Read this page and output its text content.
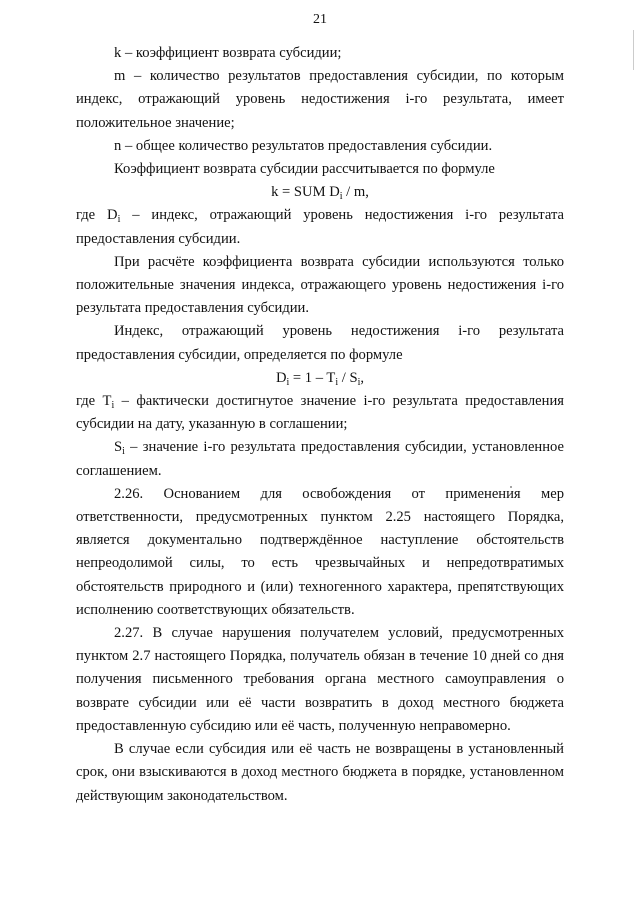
21

k – коэффициент возврата субсидии;

m – количество результатов предоставления субсидии, по которым индекс, отражающий уровень недостижения i-го результата, имеет положительное значение;

n – общее количество результатов предоставления субсидии.

Коэффициент возврата субсидии рассчитывается по формуле

k = SUM $D_i$ / m,

где $D_i$ – индекс, отражающий уровень недостижения i-го результата предоставления субсидии.

При расчёте коэффициента возврата субсидии используются только положительные значения индекса, отражающего уровень недостижения i-го результата предоставления субсидии.

Индекс, отражающий уровень недостижения i-го результата предоставления субсидии, определяется по формуле

$D_i = 1 - T_i / S_i$,

где $T_i$ – фактически достигнутое значение i-го результата предоставления субсидии на дату, указанную в соглашении;

$S_i$ – значение i-го результата предоставления субсидии, установленное соглашением.

2.26. Основанием для освобождения от применения мер ответственности, предусмотренных пунктом 2.25 настоящего Порядка, является документально подтверждённое наступление обстоятельств непреодолимой силы, то есть чрезвычайных и непредотвратимых обстоятельств природного и (или) техногенного характера, препятствующих исполнению соответствующих обязательств.

2.27. В случае нарушения получателем условий, предусмотренных пунктом 2.7 настоящего Порядка, получатель обязан в течение 10 дней со дня получения письменного требования органа местного самоуправления о возврате субсидии или её части возвратить в доход местного бюджета предоставленную субсидию или её часть, полученную неправомерно.

В случае если субсидия или её часть не возвращены в установленный срок, они взыскиваются в доход местного бюджета в порядке, установленном действующим законодательством.
